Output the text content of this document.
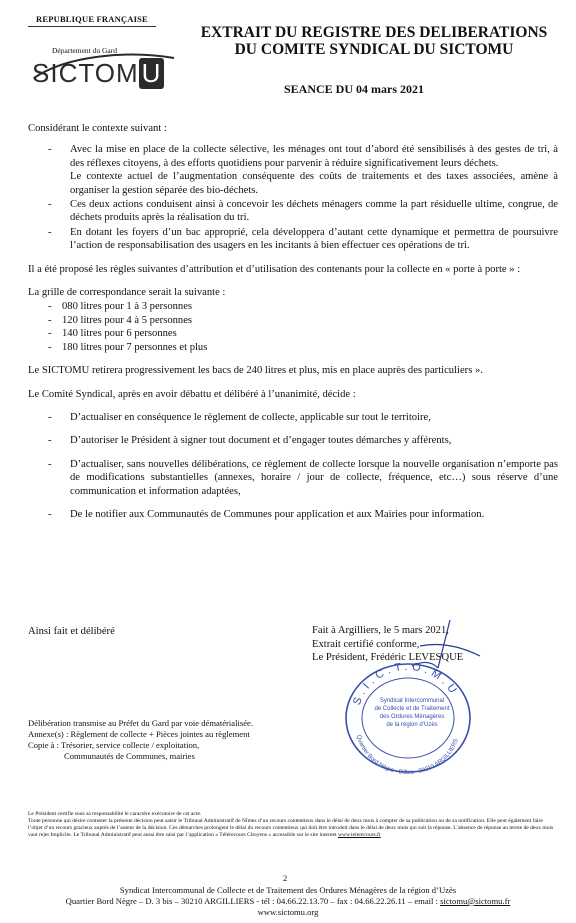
REPUBLIQUE FRANÇAISE
Département du Gard
SICTOM U
EXTRAIT DU REGISTRE DES DELIBERATIONS
DU COMITE SYNDICAL DU SICTOMU
SEANCE DU 04 mars 2021

Considérant le contexte suivant :

- Avec la mise en place de la collecte sélective, les ménages ont tout d’abord été sensibilisés à des gestes de tri, à des réflexes citoyens, à des efforts quotidiens pour parvenir à réduire significativement leurs déchets.
Le contexte actuel de l’augmentation conséquente des coûts de traitements et des taxes associées, amène à organiser la gestion séparée des bio-déchets.
- Ces deux actions conduisent ainsi à concevoir les déchets ménagers comme la part résiduelle ultime, congrue, de déchets produits après la réalisation du tri.
- En dotant les foyers d’un bac approprié, cela développera d’autant cette dynamique et permettra de poursuivre l’action de responsabilisation des usagers en les incitants à bien effectuer ces opérations de tri.

Il a été proposé les règles suivantes d’attribution et d’utilisation des contenants pour la collecte en « porte à porte » :

La grille de correspondance serait la suivante :

- 080 litres pour 1 à 3 personnes
- 120 litres pour 4 à 5 personnes
- 140 litres pour 6 personnes
- 180 litres pour 7 personnes et plus

Le SICTOMU retirera progressivement les bacs de 240 litres et plus, mis en place auprès des particuliers ».

Le Comité Syndical, après en avoir débattu et délibéré à l’unanimité, décide :

- D’actualiser en conséquence le règlement de collecte, applicable sur tout le territoire,
- D’autoriser le Président à signer tout document et d’engager toutes démarches y afférents,
- D’actualiser, sans nouvelles délibérations, ce règlement de collecte lorsque la nouvelle organisation n’emporte pas de modifications substantielles (annexes, horaire / jour de collecte, fréquence, etc…) sous réserve d’une communication et information adaptées,
- De le notifier aux Communautés de Communes pour application et aux Mairies pour information.
Ainsi fait et délibéré	Fait à Argilliers, le 5 mars 2021,
Extrait certifié conforme,
Le Président, Frédéric LEVESQUE
S.I.C.T.O.M.U
Quartier Bord Nègre - D3bis - 30210 ARGILLIERS
Syndicat Intercommunal
de Collecte et de Traitement
des Ordures Ménagères
de la région d’Uzès
Délibération transmise au Préfet du Gard par voie dématérialisée.
Annexe(s) : Règlement de collecte + Pièces jointes au règlement
Copie à : Trésorier, service collecte / exploitation,
Communautés de Communes, mairies
Le Président certifie sous sa responsabilité le caractère exécutoire de cet acte.
Toute personne qui désire contester la présente décision peut saisir le Tribunal Administratif de Nîmes d’un recours contentieux dans le délai de deux mois à compter de sa publication ou de sa notification. Elle peut également faire l’objet d’un recours gracieux auprès de l’auteur de la décision. Ces démarches prolongent le délai du recours contentieux qui doit être introduit dans le délai de deux mois qui suit la réponse. L’absence de réponse au terme de deux mois vaut rejet Implicite. Le Tribunal Administratif peut aussi être saisi par l’application « Télérecours Citoyens » accessible sur le site internet www.telerecours.fr
2
Syndicat Intercommunal de Collecte et de Traitement des Ordures Ménagères de la région d’Uzès
Quartier Bord Nègre – D. 3 bis – 30210 ARGILLIERS - tél : 04.66.22.13.70 – fax : 04.66.22.26.11 – email : sictomu@sictomu.fr
www.sictomu.org
